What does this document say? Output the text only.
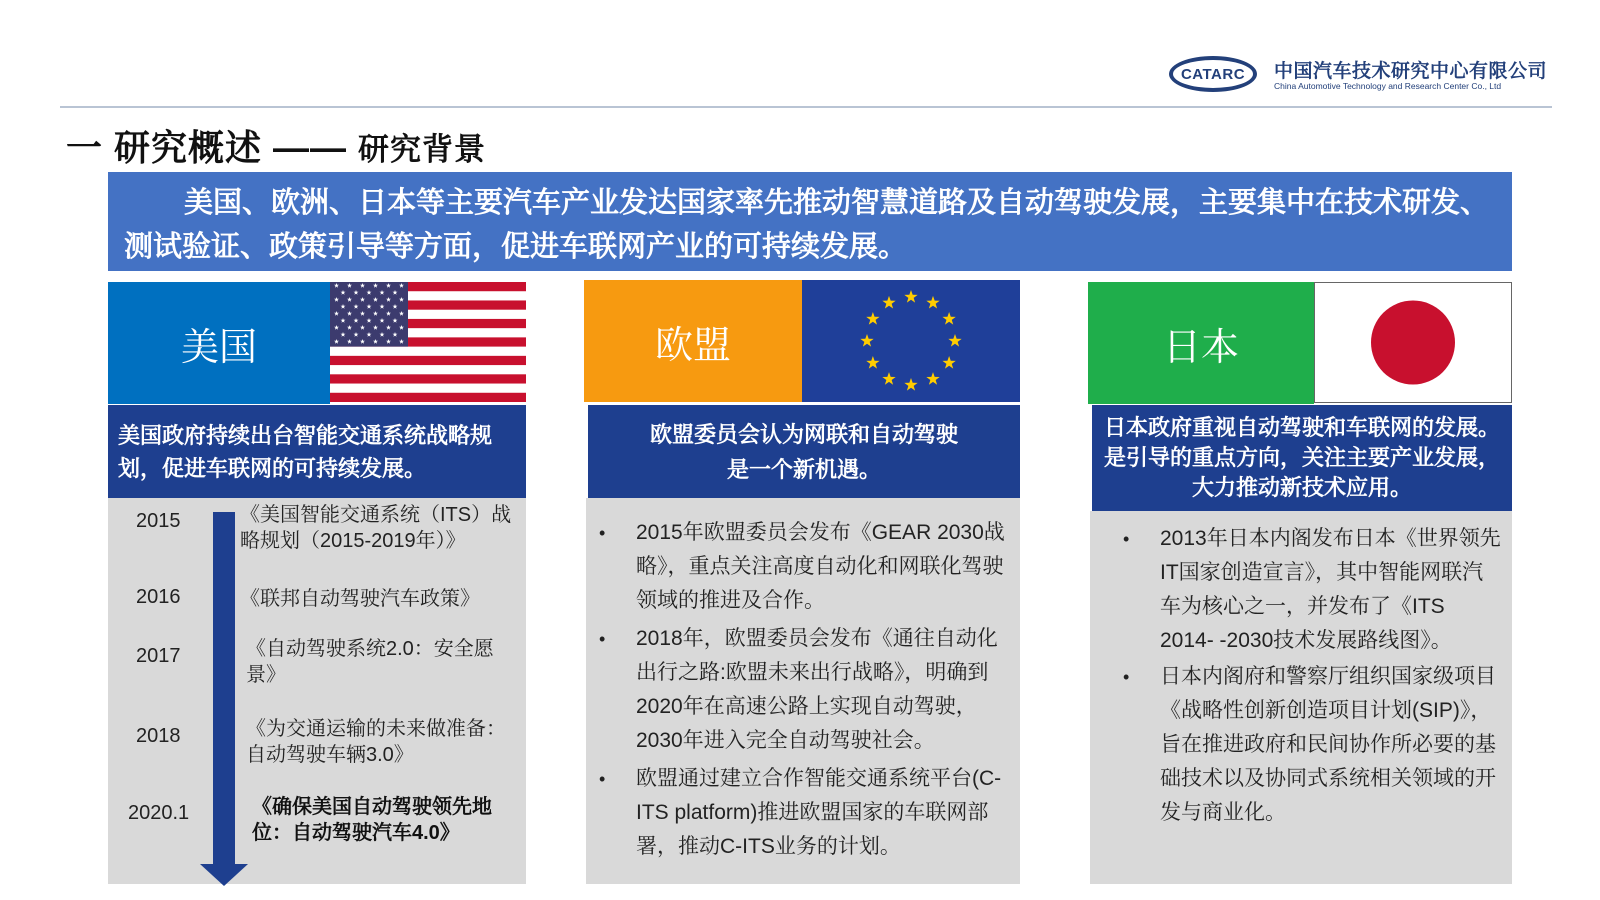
CATARC	中国汽车技术研究中心有限公司
China Automotive Technology and Research Center Co., Ltd
一 研究概述 —— 研究背景
美国、欧洲、日本等主要汽车产业发达国家率先推动智慧道路及自动驾驶发展，主要集中在技术研发、测试验证、政策引导等方面，促进车联网产业的可持续发展。
美国
美国政府持续出台智能交通系统战略规划，促进车联网的可持续发展。
2015	《美国智能交通系统（ITS）战略规划（2015-2019年）》
2016	《联邦自动驾驶汽车政策》
2017	《自动驾驶系统2.0：安全愿景》
2018	《为交通运输的未来做准备：自动驾驶车辆3.0》
2020.1	《确保美国自动驾驶领先地位：自动驾驶汽车4.0》
欧盟
欧盟委员会认为网联和自动驾驶
是一个新机遇。
• 2015年欧盟委员会发布《GEAR 2030战略》，重点关注高度自动化和网联化驾驶领域的推进及合作。
• 2018年，欧盟委员会发布《通往自动化出行之路:欧盟未来出行战略》，明确到2020年在高速公路上实现自动驾驶，2030年进入完全自动驾驶社会。
• 欧盟通过建立合作智能交通系统平台(C-ITS platform)推进欧盟国家的车联网部署，推动C-ITS业务的计划。
日本
日本政府重视自动驾驶和车联网的发展。是引导的重点方向，关注主要产业发展，大力推动新技术应用。
• 2013年日本内阁发布日本《世界领先IT国家创造宣言》，其中智能网联汽车为核心之一，并发布了《ITS 2014- -2030技术发展路线图》。
• 日本内阁府和警察厅组织国家级项目《战略性创新创造项目计划(SIP)》，旨在推进政府和民间协作所必要的基础技术以及协同式系统相关领域的开发与商业化。
